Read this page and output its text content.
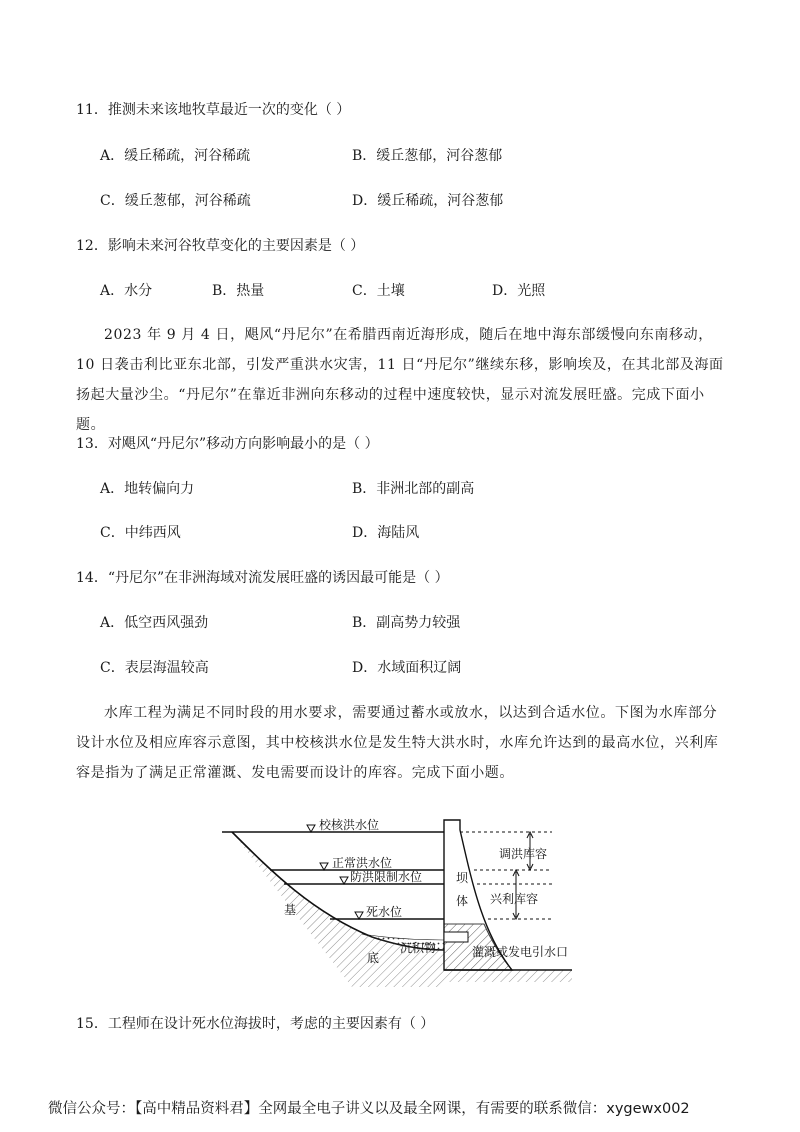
11．推测未来该地牧草最近一次的变化（ ）
A．缓丘稀疏，河谷稀疏	B．缓丘葱郁，河谷葱郁
C．缓丘葱郁，河谷稀疏	D．缓丘稀疏，河谷葱郁
12．影响未来河谷牧草变化的主要因素是（ ）
A．水分	B．热量	C．土壤	D．光照

2023 年 9 月 4 日，飓风“丹尼尔”在希腊西南近海形成，随后在地中海东部缓慢向东南移动，10 日袭击利比亚东北部，引发严重洪水灾害，11 日“丹尼尔”继续东移，影响埃及，在其北部及海面扬起大量沙尘。“丹尼尔”在靠近非洲向东移动的过程中速度较快，显示对流发展旺盛。完成下面小题。

13．对飓风“丹尼尔”移动方向影响最小的是（ ）
A．地转偏向力	B．非洲北部的副高
C．中纬西风	D．海陆风
14．“丹尼尔”在非洲海域对流发展旺盛的诱因最可能是（ ）
A．低空西风强劲	B．副高势力较强
C．表层海温较高	D．水域面积辽阔

水库工程为满足不同时段的用水要求，需要通过蓄水或放水，以达到合适水位。下图为水库部分设计水位及相应库容示意图，其中校核洪水位是发生特大洪水时，水库允许达到的最高水位，兴利库容是指为了满足正常灌溉、发电需要而设计的库容。完成下面小题。

校核洪水位
正常洪水位
防洪限制水位
死水位
坝
体
基
底
沉积物
调洪库容
兴利库容
灌溉或发电引水口
15．工程师在设计死水位海拔时，考虑的主要因素有（ ）
微信公众号：【高中精品资料君】全网最全电子讲义以及最全网课，有需要的联系微信：xygewx002
